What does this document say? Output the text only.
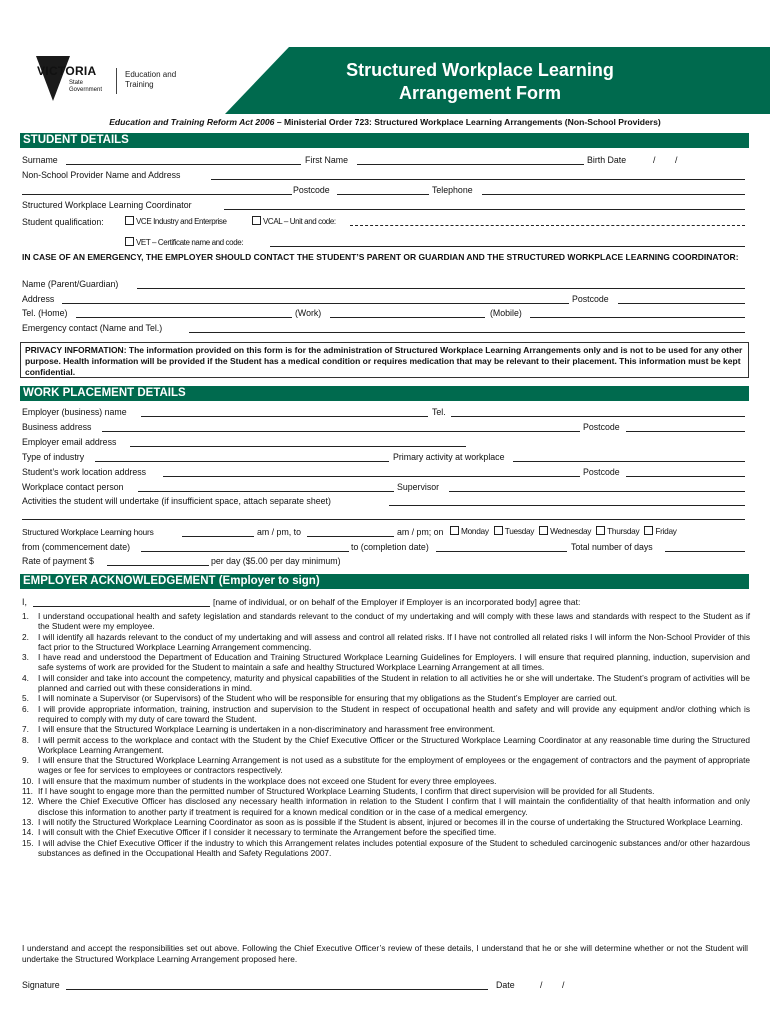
Structured Workplace Learning
Arrangement Form
VICTORIA
State Government
Education and Training
Education and Training Reform Act 2006 – Ministerial Order 723: Structured Workplace Learning Arrangements (Non-School Providers)
STUDENT DETAILS
Surname	First Name	Birth Date	/ /
Non-School Provider Name and Address
Postcode	Telephone
Structured Workplace Learning Coordinator
Student qualification:	VCE Industry and Enterprise	VCAL – Unit and code:
VET – Certificate name and code:
IN CASE OF AN EMERGENCY, THE EMPLOYER SHOULD CONTACT THE STUDENT’S PARENT OR GUARDIAN AND THE STRUCTURED WORKPLACE LEARNING COORDINATOR:
Name (Parent/Guardian)
Address	Postcode
Tel. (Home)	(Work)	(Mobile)
Emergency contact (Name and Tel.)
PRIVACY INFORMATION: The information provided on this form is for the administration of Structured Workplace Learning Arrangements only and is not to be used for any other purpose. Health information will be provided if the Student has a medical condition or requires medication that may be relevant to their placement. This information must be kept confidential.
WORK PLACEMENT DETAILS
Employer (business) name	Tel.
Business address	Postcode
Employer email address
Type of industry	Primary activity at workplace
Student’s work location address	Postcode
Workplace contact person	Supervisor
Activities the student will undertake (if insufficient space, attach separate sheet)
Structured Workplace Learning hours	am / pm, to	am / pm; on	Monday Tuesday Wednesday Thursday Friday
from (commencement date)	to (completion date)	Total number of days
Rate of payment $	per day ($5.00 per day minimum)
EMPLOYER ACKNOWLEDGEMENT (Employer to sign)
I,	[name of individual, or on behalf of the Employer if Employer is an incorporated body] agree that:
1.	I understand occupational health and safety legislation and standards relevant to the conduct of my undertaking and will comply with these laws and standards with respect to the Student as if the Student were my employee.
2.	I will identify all hazards relevant to the conduct of my undertaking and will assess and control all related risks. If I have not controlled all related risks I will inform the Non-School Provider of this fact prior to the Structured Workplace Learning Arrangement commencing.
3.	I have read and understood the Department of Education and Training Structured Workplace Learning Guidelines for Employers. I will ensure that required planning, induction, supervision and safe systems of work are provided for the Student to maintain a safe and healthy Structured Workplace Learning Arrangement at all times.
4.	I will consider and take into account the competency, maturity and physical capabilities of the Student in relation to all activities he or she will undertake. The Student’s program of activities will be planned and carried out with these considerations in mind.
5.	I will nominate a Supervisor (or Supervisors) of the Student who will be responsible for ensuring that my obligations as the Student’s Employer are carried out.
6.	I will provide appropriate information, training, instruction and supervision to the Student in respect of occupational health and safety and will provide any equipment and/or clothing which is required to comply with my duty of care toward the Student.
7.	I will ensure that the Structured Workplace Learning is undertaken in a non-discriminatory and harassment free environment.
8.	I will permit access to the workplace and contact with the Student by the Chief Executive Officer or the Structured Workplace Learning Coordinator at any reasonable time during the Structured Workplace Learning Arrangement.
9.	I will ensure that the Structured Workplace Learning Arrangement is not used as a substitute for the employment of employees or the engagement of contractors and the payment of appropriate wages or fee for services to employees or contractors respectively.
10. I will ensure that the maximum number of students in the workplace does not exceed one Student for every three employees.
11. If I have sought to engage more than the permitted number of Structured Workplace Learning Students, I confirm that direct supervision will be provided for all Students.
12. Where the Chief Executive Officer has disclosed any necessary health information in relation to the Student I confirm that I will maintain the confidentiality of that health information and only disclose this information to another party if treatment is required for a known medical condition or in the case of a medical emergency.
13. I will notify the Structured Workplace Learning Coordinator as soon as is possible if the Student is absent, injured or becomes ill in the course of undertaking the Structured Workplace Learning.
14. I will consult with the Chief Executive Officer if I consider it necessary to terminate the Arrangement before the specified time.
15. I will advise the Chief Executive Officer if the industry to which this Arrangement relates includes potential exposure of the Student to scheduled carcinogenic substances and/or other hazardous substances as defined in the Occupational Health and Safety Regulations 2007.
I understand and accept the responsibilities set out above. Following the Chief Executive Officer’s review of these details, I understand that he or she will determine whether or not the Student will undertake the Structured Workplace Learning Arrangement proposed here.
Signature	Date	/ /
